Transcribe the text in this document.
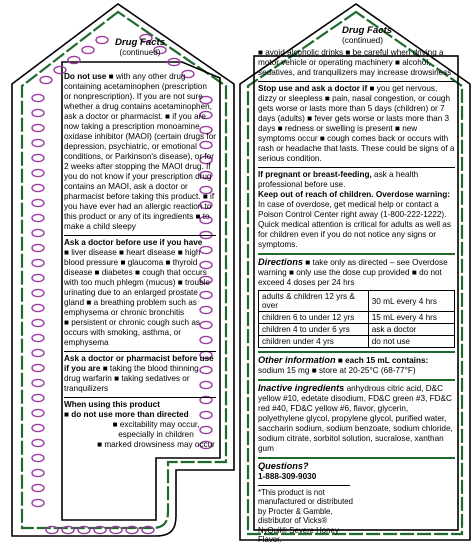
Drug Facts
(continued)

Do not use ■ with any other drug containing acetaminophen (prescription or nonprescription). If you are not sure whether a drug contains acetaminophen, ask a doctor or pharmacist. ■ if you are now taking a prescription monoamine oxidase inhibitor (MAOI) (certain drugs for depression, psychiatric, or emotional conditions, or Parkinson's disease), or for 2 weeks after stopping the MAOI drug. If you do not know if your prescription drug contains an MAOI, ask a doctor or pharmacist before taking this product. ■ if you have ever had an allergic reaction to this product or any of its ingredients ■ to make a child sleepy

Ask a doctor before use if you have
■ liver disease ■ heart disease ■ high blood pressure ■ glaucoma ■ thyroid disease ■ diabetes ■ cough that occurs with too much phlegm (mucus) ■ trouble urinating due to an enlarged prostate gland ■ a breathing problem such as emphysema or chronic bronchitis ■ persistent or chronic cough such as occurs with smoking, asthma, or emphysema

Ask a doctor or pharmacist before use if you are ■ taking the blood thinning drug warfarin ■ taking sedatives or tranquilizers

When using this product
■ do not use more than directed

■ excitability may occur, especially in children
■ marked drowsiness may occur

Drug Facts
(continued)

■ avoid alcoholic drinks ■ be careful when driving a motor vehicle or operating machinery ■ alcohol, sedatives, and tranquilizers may increase drowsiness

Stop use and ask a doctor if ■ you get nervous, dizzy or sleepless ■ pain, nasal congestion, or cough gets worse or lasts more than 5 days (children) or 7 days (adults) ■ fever gets worse or lasts more than 3 days ■ redness or swelling is present ■ new symptoms occur ■ cough comes back or occurs with rash or headache that lasts. These could be signs of a serious condition.

If pregnant or breast-feeding, ask a health professional before use.

Keep out of reach of children. Overdose warning: In case of overdose, get medical help or contact a Poison Control Center right away (1-800-222-1222). Quick medical attention is critical for adults as well as for children even if you do not notice any signs or symptoms.

Directions ■ take only as directed – see Overdose warning ■ only use the dose cup provided ■ do not exceed 4 doses per 24 hrs

adults & children 12 yrs & over	30 mL every 4 hrs
children 6 to under 12 yrs	15 mL every 4 hrs
children 4 to under 6 yrs	ask a doctor
children under 4 yrs	do not use

Other information ■ each 15 mL contains: sodium 15 mg ■ store at 20-25°C (68-77°F)

Inactive ingredients anhydrous citric acid, D&C yellow #10, edetate disodium, FD&C green #3, FD&C red #40, FD&C yellow #6, flavor, glycerin, polyethylene glycol, propylene glycol, purified water, saccharin sodium, sodium benzoate, sodium chloride, sodium citrate, sorbitol solution, sucralose, xanthan gum

Questions?
1-888-309-9030

*This product is not manufactured or distributed by Procter & Gamble, distributor of Vicks®
NyQuil® Severe Honey Flavor.
